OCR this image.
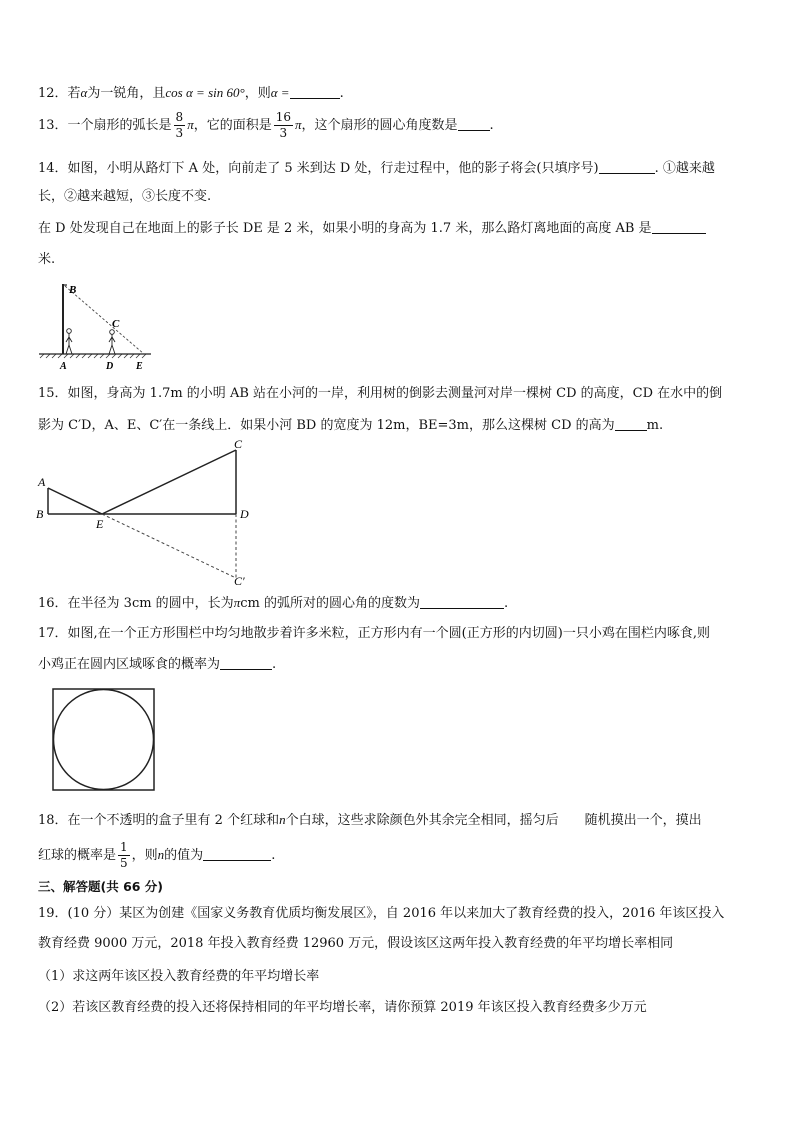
12．若α为一锐角，且cos α = sin 60°，则α =	.
13．一个扇形的弧长是 $\frac{8}{3}$ π，它的面积是 $\frac{16}{3}$ π，这个扇形的圆心角度数是 .
14．如图，小明从路灯下 A 处，向前走了 5 米到达 D 处，行走过程中，他的影子将会(只填序号)	. ①越来越
长，②越来越短，③长度不变.
在 D 处发现自己在地面上的影子长 DE 是 2 米，如果小明的身高为 1.7 米，那么路灯离地面的高度 AB 是
米.
B
C
A	D E
15．如图，身高为 1.7m 的小明 AB 站在小河的一岸，利用树的倒影去测量河对岸一棵树 CD 的高度，CD 在水中的倒
影为 C′D，A、E、C′在一条线上．如果小河 BD 的宽度为 12m，BE=3m，那么这棵树 CD 的高为 m.
A
B
E
C
D
C′
16．在半径为 3cm 的圆中，长为πcm 的弧所对的圆心角的度数为	.
17．如图,在一个正方形围栏中均匀地散步着许多米粒，正方形内有一个圆(正方形的内切圆)一只小鸡在围栏内啄食,则
小鸡正在圆内区域啄食的概率为	.
18．在一个不透明的盒子里有 2 个红球和n个白球，这些求除颜色外其余完全相同，摇匀后 随机摸出一个，摸出
红球的概率是 $\frac{1}{5}$ ，则n的值为	.
三、解答题(共 66 分)
19．(10 分）某区为创建《国家义务教育优质均衡发展区》，自 2016 年以来加大了教育经费的投入，2016 年该区投入
教育经费 9000 万元，2018 年投入教育经费 12960 万元，假设该区这两年投入教育经费的年平均增长率相同
（1）求这两年该区投入教育经费的年平均增长率
（2）若该区教育经费的投入还将保持相同的年平均增长率，请你预算 2019 年该区投入教育经费多少万元
